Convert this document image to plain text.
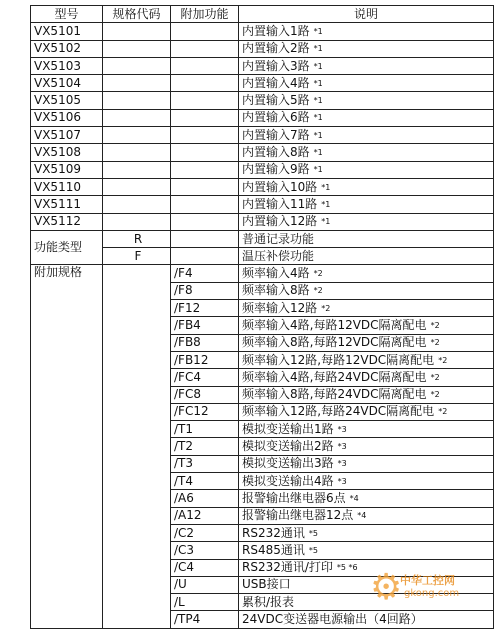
型号	规格代码	附加功能	说明
VX5101			内置输入1路 *1
VX5102			内置输入2路 *1
VX5103			内置输入3路 *1
VX5104			内置输入4路 *1
VX5105			内置输入5路 *1
VX5106			内置输入6路 *1
VX5107			内置输入7路 *1
VX5108			内置输入8路 *1
VX5109			内置输入9路 *1
VX5110			内置输入10路 *1
VX5111			内置输入11路 *1
VX5112			内置输入12路 *1
功能类型	R		普通记录功能
	F		温压补偿功能
附加规格		/F4	频率输入4路 *2
		/F8	频率输入8路 *2
		/F12	频率输入12路 *2
		/FB4	频率输入4路,每路12VDC隔离配电 *2
		/FB8	频率输入8路,每路12VDC隔离配电 *2
		/FB12	频率输入12路,每路12VDC隔离配电 *2
		/FC4	频率输入4路,每路24VDC隔离配电 *2
		/FC8	频率输入8路,每路24VDC隔离配电 *2
		/FC12	频率输入12路,每路24VDC隔离配电 *2
		/T1	模拟变送输出1路 *3
		/T2	模拟变送输出2路 *3
		/T3	模拟变送输出3路 *3
		/T4	模拟变送输出4路 *3
		/A6	报警输出继电器6点 *4
		/A12	报警输出继电器12点 *4
		/C2	RS232通讯 *5
		/C3	RS485通讯 *5
		/C4	RS232通讯/打印 *5 *6
		/U	USB接口
		/L	累积/报表
		/TP4	24VDC变送器电源输出（4回路）
⚙
中华工控网
gkong.com
